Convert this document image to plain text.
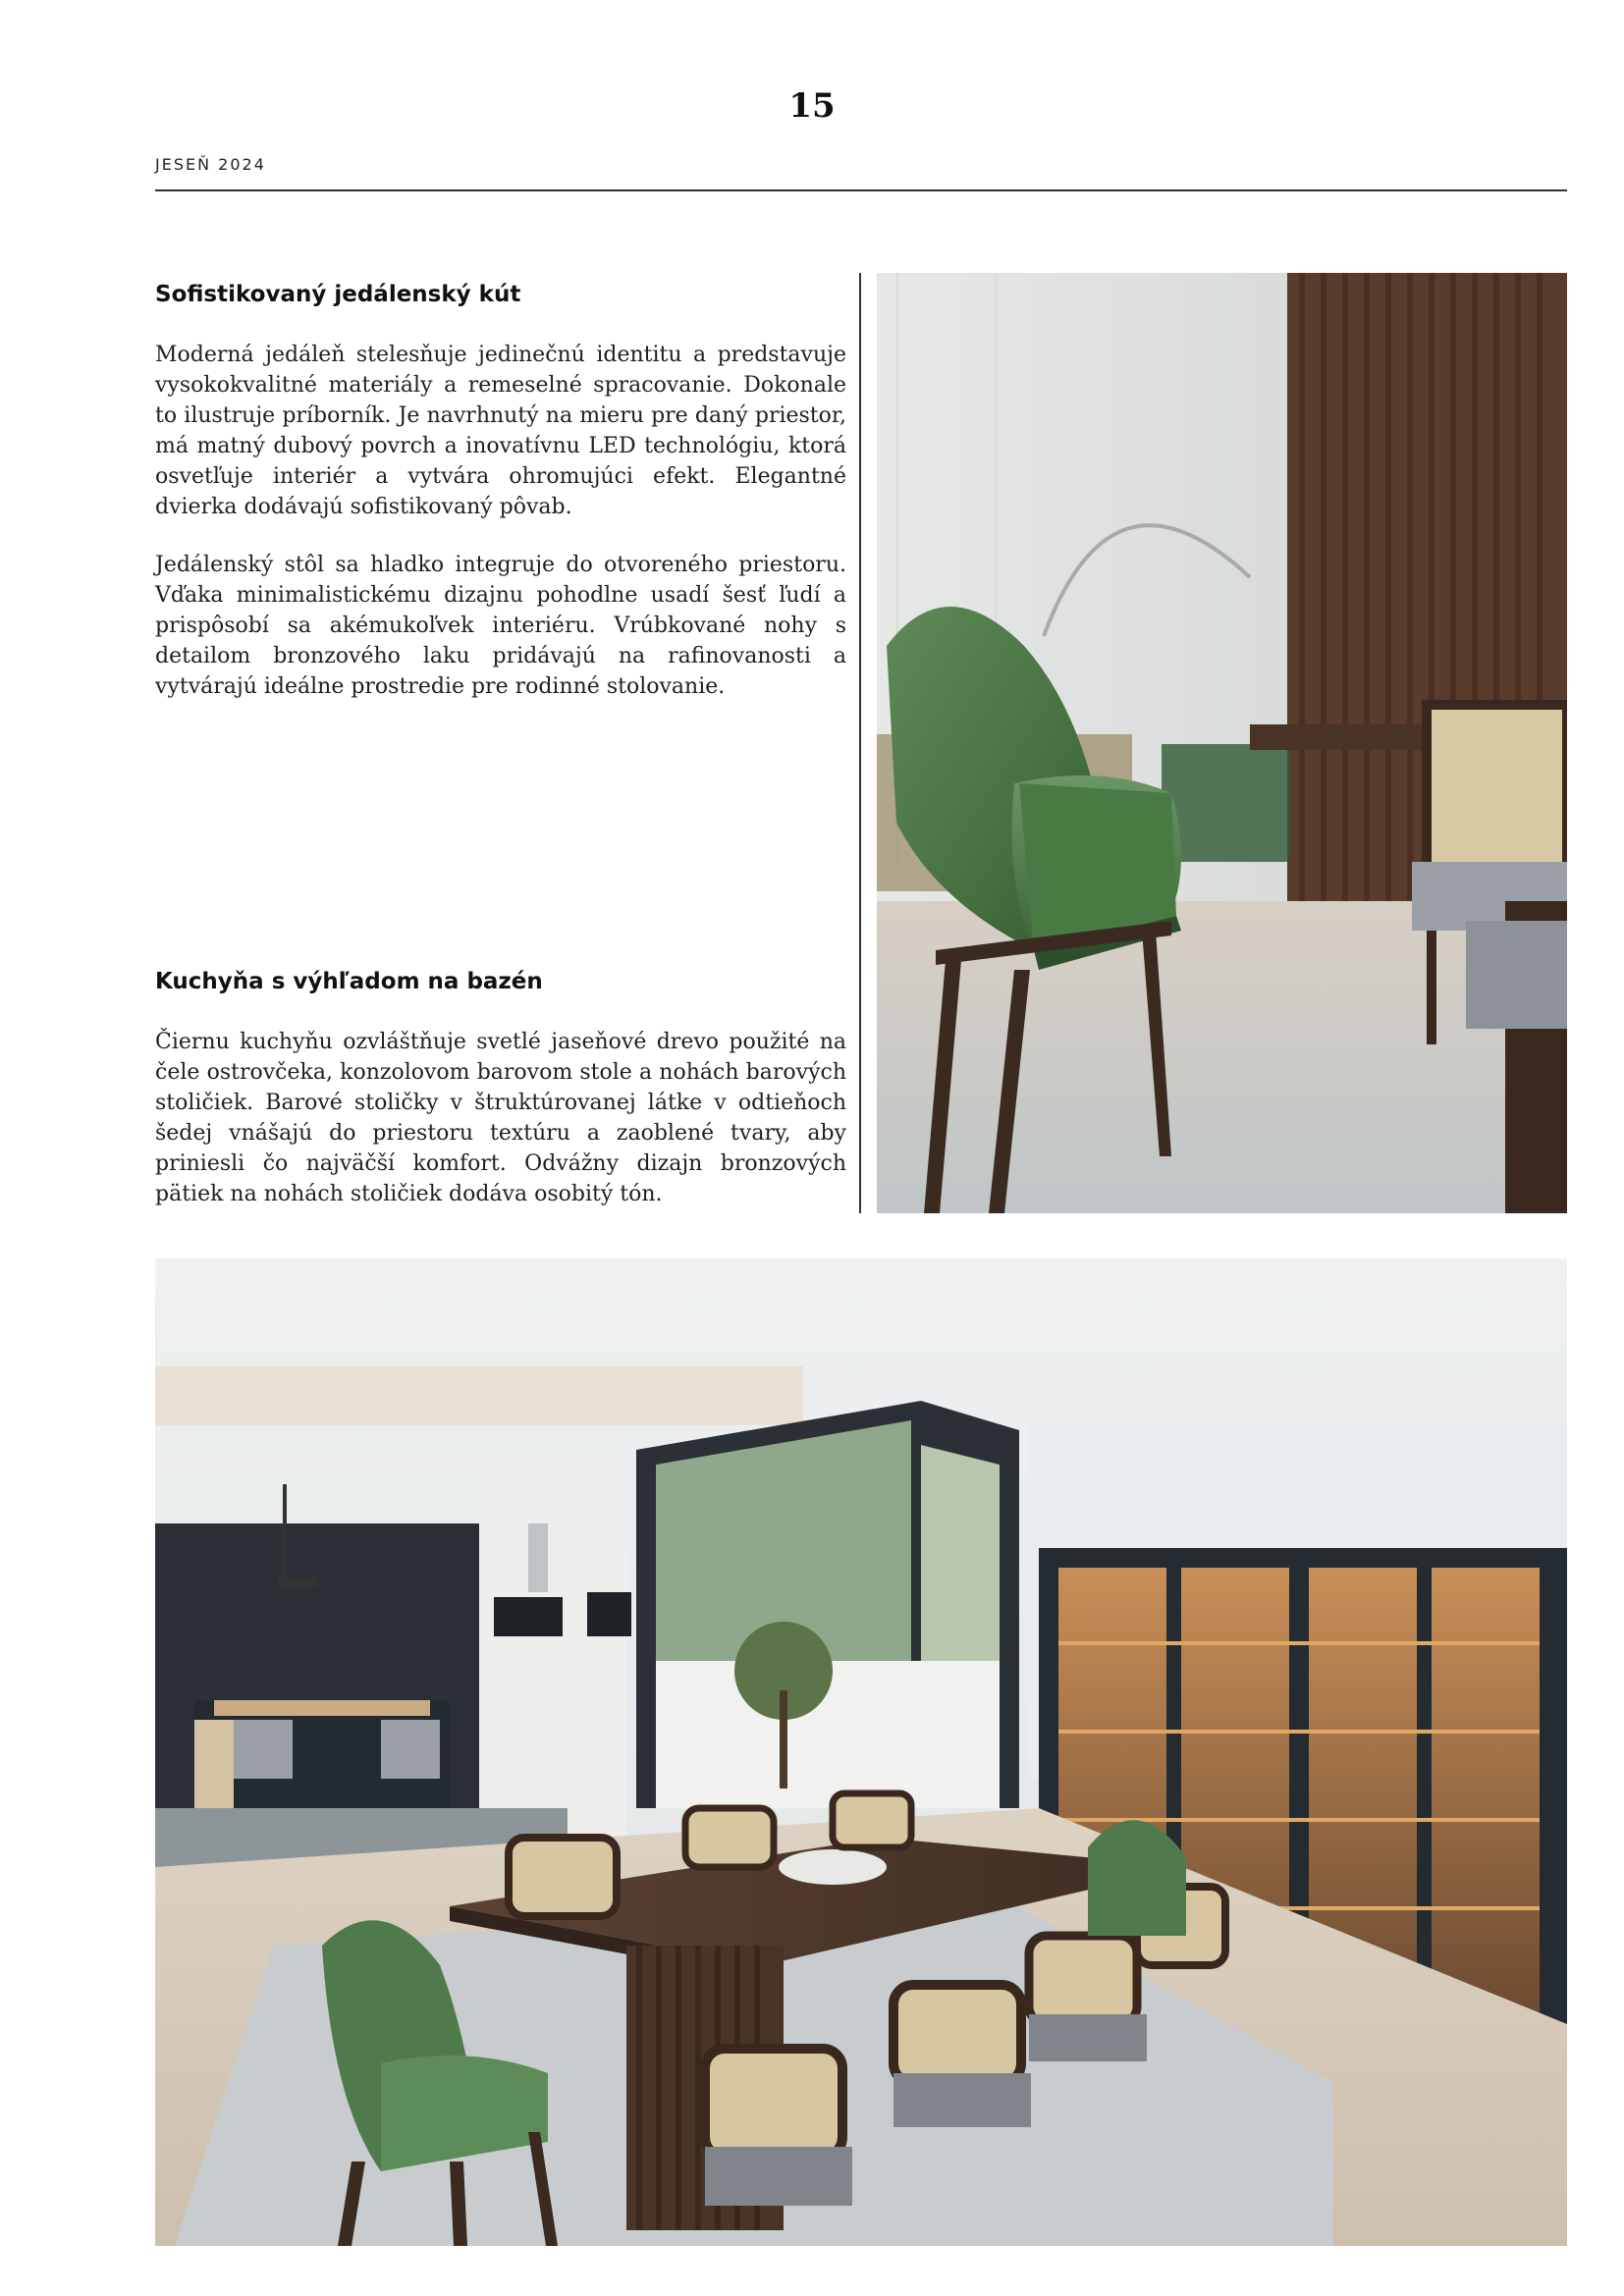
15
JESEŇ 2024
Sofistikovaný jedálenský kút

Moderná jedáleň stelesňuje jedinečnú identitu a predstavuje vysokokvalitné materiály a remeselné spracovanie. Dokonale to ilustruje príborník. Je navrhnutý na mieru pre daný priestor, má matný dubový povrch a inovatívnu LED technológiu, ktorá osvetľuje interiér a vytvára ohromujúci efekt. Elegantné dvierka dodávajú sofistikovaný pôvab.

Jedálenský stôl sa hladko integruje do otvoreného priestoru. Vďaka minimalistickému dizajnu pohodlne usadí šesť ľudí a prispôsobí sa akémukoľvek interiéru. Vrúbkované nohy s detailom bronzového laku pridávajú na rafinovanosti a vytvárajú ideálne prostredie pre rodinné stolovanie.

Kuchyňa s výhľadom na bazén

Čiernu kuchyňu ozvláštňuje svetlé jaseňové drevo použité na čele ostrovčeka, konzolovom barovom stole a nohách barových stoličiek. Barové stoličky v štruktúrovanej látke v odtieňoch šedej vnášajú do priestoru textúru a zaoblené tvary, aby priniesli čo najväčší komfort. Odvážny dizajn bronzových pätiek na nohách stoličiek dodáva osobitý tón.
